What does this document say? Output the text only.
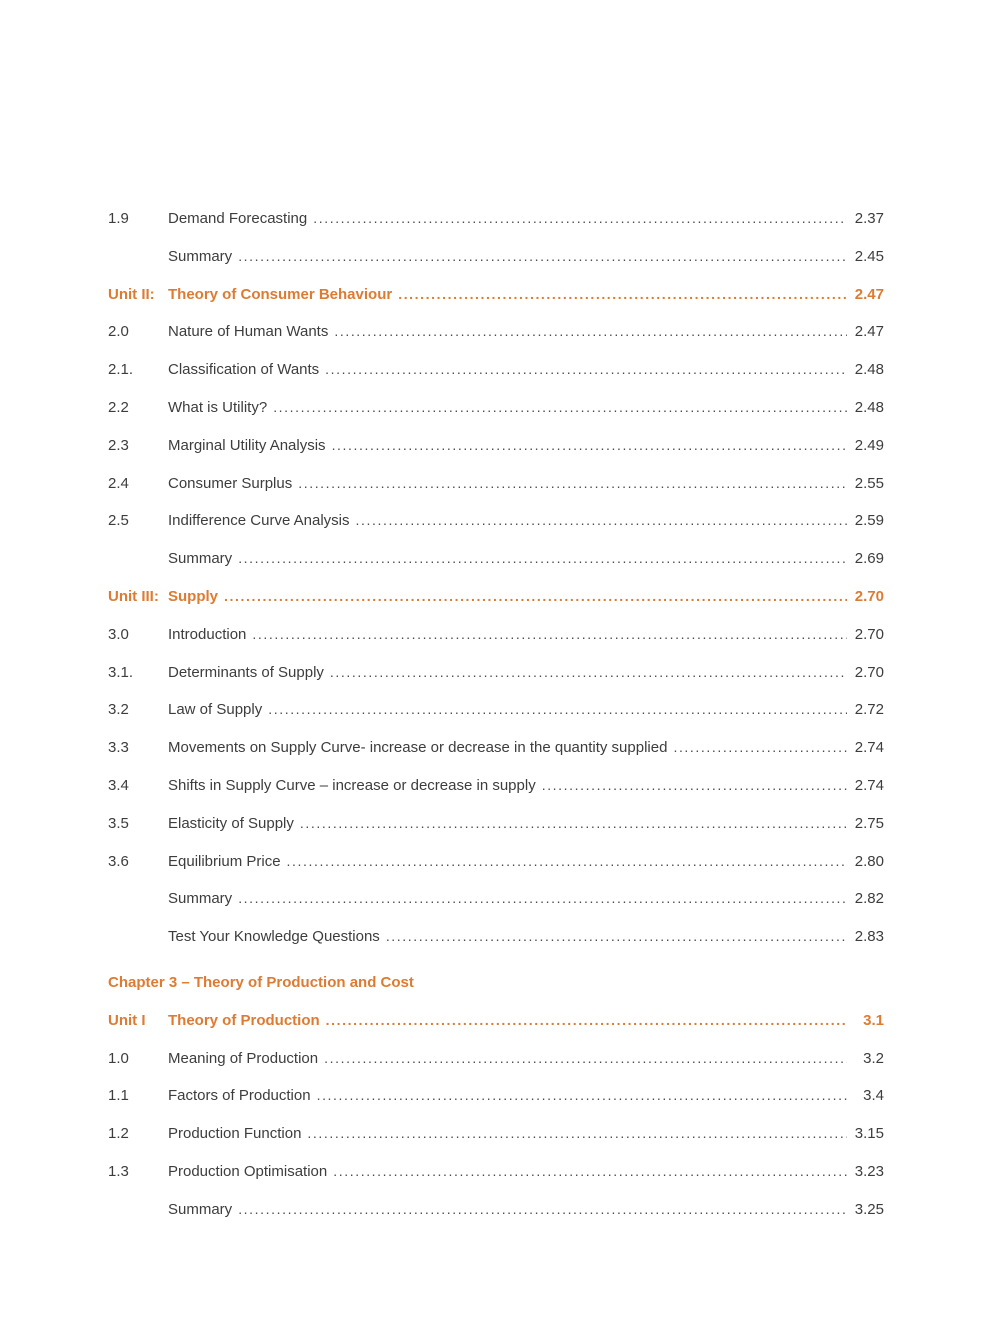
1.9	Demand Forecasting .....	2.37
Summary .....	2.45
Unit II: Theory of Consumer Behaviour .....	2.47
2.0	Nature of Human Wants .....	2.47
2.1.	Classification of Wants .....	2.48
2.2	What is Utility? .....	2.48
2.3	Marginal Utility Analysis .....	2.49
2.4	Consumer Surplus .....	2.55
2.5	Indifference Curve Analysis .....	2.59
Summary .....	2.69
Unit III: Supply .....	2.70
3.0	Introduction .....	2.70
3.1.	Determinants of Supply .....	2.70
3.2	Law of Supply .....	2.72
3.3	Movements on Supply Curve- increase or decrease in the quantity supplied .....	2.74
3.4	Shifts in Supply Curve – increase or decrease in supply .....	2.74
3.5	Elasticity of Supply .....	2.75
3.6	Equilibrium Price .....	2.80
Summary .....	2.82
Test Your Knowledge Questions .....	2.83
Chapter 3 – Theory of Production and Cost
Unit I	Theory of Production .....	3.1
1.0	Meaning of Production .....	3.2
1.1	Factors of Production .....	3.4
1.2	Production Function .....	3.15
1.3	Production Optimisation .....	3.23
Summary .....	3.25
